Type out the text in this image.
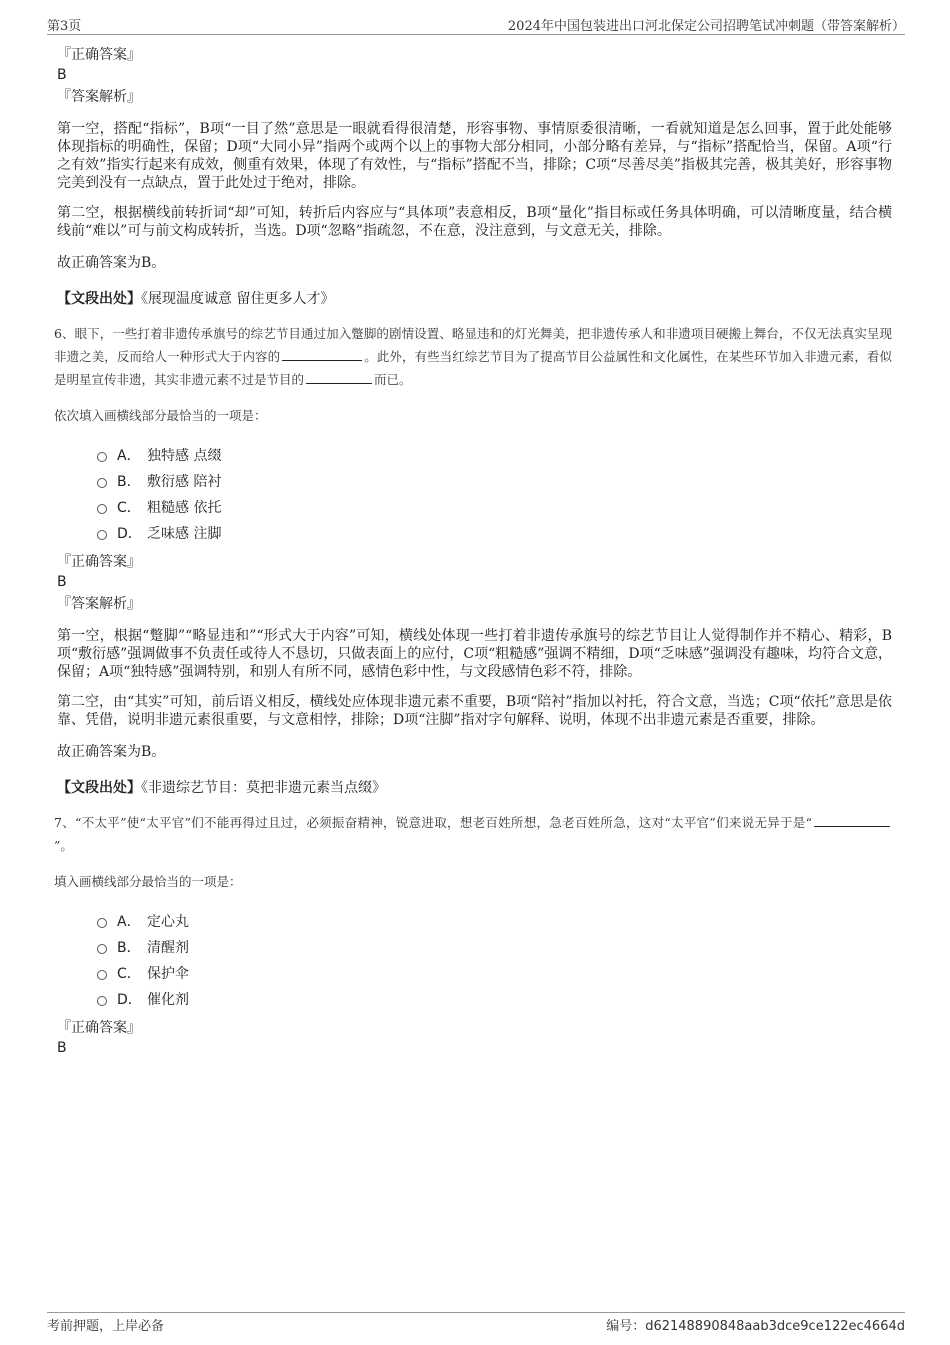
第3页	2024年中国包装进出口河北保定公司招聘笔试冲刺题（带答案解析）

『正确答案』

B

『答案解析』

第一空，搭配“指标”，B项“一目了然”意思是一眼就看得很清楚，形容事物、事情原委很清晰，一看就知道是怎么回事，置于此处能够体现指标的明确性，保留；D项“大同小异”指两个或两个以上的事物大部分相同，小部分略有差异，与“指标”搭配恰当，保留。A项“行之有效”指实行起来有成效，侧重有效果，体现了有效性，与“指标”搭配不当，排除；C项“尽善尽美”指极其完善，极其美好，形容事物完美到没有一点缺点，置于此处过于绝对，排除。

第二空，根据横线前转折词“却”可知，转折后内容应与“具体项”表意相反，B项“量化”指目标或任务具体明确，可以清晰度量，结合横线前“难以”可与前文构成转折，当选。D项“忽略”指疏忽，不在意，没注意到，与文意无关，排除。

故正确答案为B。

【文段出处】《展现温度诚意 留住更多人才》

6、眼下，一些打着非遗传承旗号的综艺节目通过加入蹩脚的剧情设置、略显违和的灯光舞美，把非遗传承人和非遗项目硬搬上舞台，不仅无法真实呈现非遗之美，反而给人一种形式大于内容的	。此外，有些当红综艺节目为了提高节目公益属性和文化属性，在某些环节加入非遗元素，看似是明星宣传非遗，其实非遗元素不过是节目的	而已。

依次填入画横线部分最恰当的一项是：

A． 独特感 点缀
B． 敷衍感 陪衬
C． 粗糙感 依托
D． 乏味感 注脚

『正确答案』

B

『答案解析』

第一空，根据“蹩脚”“略显违和”“形式大于内容”可知，横线处体现一些打着非遗传承旗号的综艺节目让人觉得制作并不精心、精彩，B项“敷衍感”强调做事不负责任或待人不恳切，只做表面上的应付，C项“粗糙感”强调不精细，D项“乏味感”强调没有趣味，均符合文意，保留；A项“独特感”强调特别，和别人有所不同，感情色彩中性，与文段感情色彩不符，排除。

第二空，由“其实”可知，前后语义相反，横线处应体现非遗元素不重要，B项“陪衬”指加以衬托，符合文意，当选；C项“依托”意思是依靠、凭借，说明非遗元素很重要，与文意相悖，排除；D项“注脚”指对字句解释、说明，体现不出非遗元素是否重要，排除。

故正确答案为B。

【文段出处】《非遗综艺节目：莫把非遗元素当点缀》

7、“不太平”使“太平官”们不能再得过且过，必须振奋精神，锐意进取，想老百姓所想，急老百姓所急，这对“太平官”们来说无异于是“”。

填入画横线部分最恰当的一项是：

A． 定心丸
B． 清醒剂
C． 保护伞
D． 催化剂

『正确答案』

B

考前押题，上岸必备	编号：d62148890848aab3dce9ce122ec4664d
